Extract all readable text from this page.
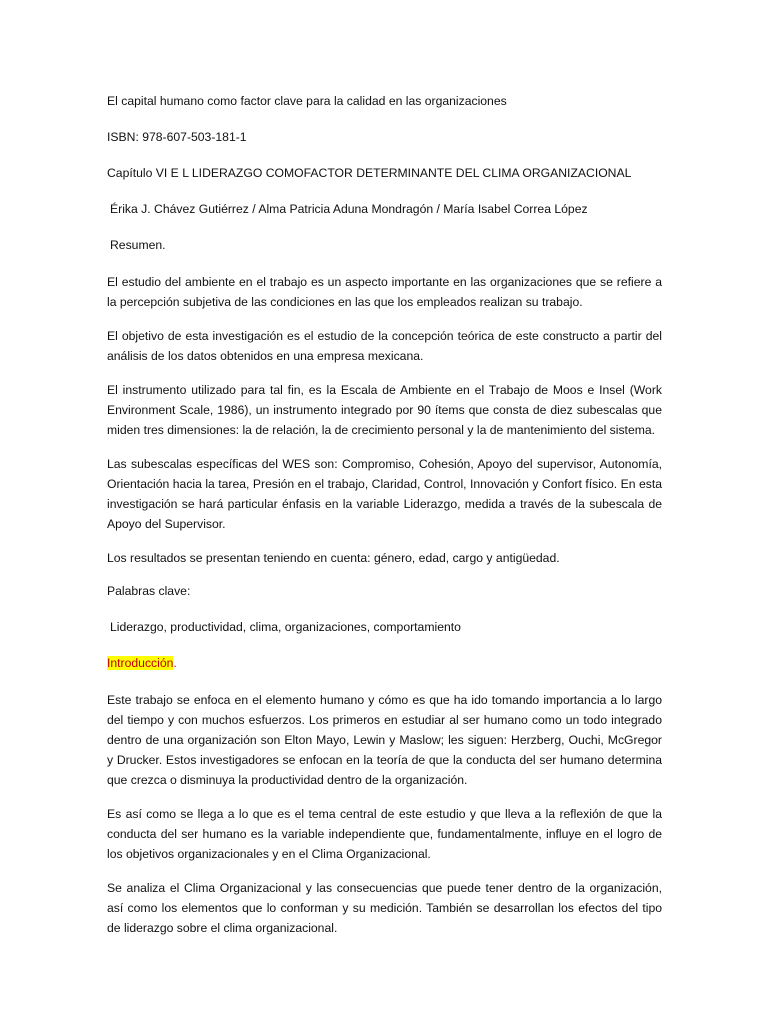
El capital humano como factor clave para la calidad en las organizaciones
ISBN: 978-607-503-181-1
Capítulo VI E L LIDERAZGO COMOFACTOR DETERMINANTE DEL CLIMA ORGANIZACIONAL
Érika J. Chávez Gutiérrez / Alma Patricia Aduna Mondragón / María Isabel Correa López
Resumen.

El estudio del ambiente en el trabajo es un aspecto importante en las organizaciones que se refiere a la percepción subjetiva de las condiciones en las que los empleados realizan su trabajo.

El objetivo de esta investigación es el estudio de la concepción teórica de este constructo a partir del análisis de los datos obtenidos en una empresa mexicana.

El instrumento utilizado para tal fin, es la Escala de Ambiente en el Trabajo de Moos e Insel (Work Environment Scale, 1986), un instrumento integrado por 90 ítems que consta de diez subescalas que miden tres dimensiones: la de relación, la de crecimiento personal y la de mantenimiento del sistema.

Las subescalas específicas del WES son: Compromiso, Cohesión, Apoyo del supervisor, Autonomía, Orientación hacia la tarea, Presión en el trabajo, Claridad, Control, Innovación y Confort físico. En esta investigación se hará particular énfasis en la variable Liderazgo, medida a través de la subescala de Apoyo del Supervisor.

Los resultados se presentan teniendo en cuenta: género, edad, cargo y antigüedad.

Palabras clave:
Liderazgo, productividad, clima, organizaciones, comportamiento
Introducción.

Este trabajo se enfoca en el elemento humano y cómo es que ha ido tomando importancia a lo largo del tiempo y con muchos esfuerzos. Los primeros en estudiar al ser humano como un todo integrado dentro de una organización son Elton Mayo, Lewin y Maslow; les siguen: Herzberg, Ouchi, McGregor y Drucker. Estos investigadores se enfocan en la teoría de que la conducta del ser humano determina que crezca o disminuya la productividad dentro de la organización.

Es así como se llega a lo que es el tema central de este estudio y que lleva a la reflexión de que la conducta del ser humano es la variable independiente que, fundamentalmente, influye en el logro de los objetivos organizacionales y en el Clima Organizacional.

Se analiza el Clima Organizacional y las consecuencias que puede tener dentro de la organización, así como los elementos que lo conforman y su medición. También se desarrollan los efectos del tipo de liderazgo sobre el clima organizacional.
